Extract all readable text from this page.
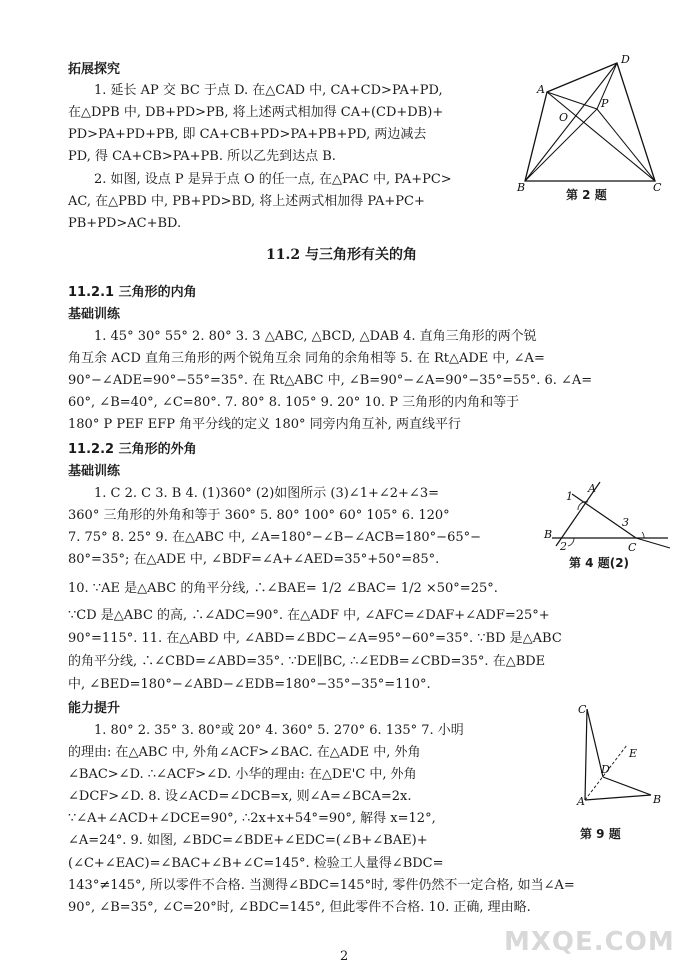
拓展探究
1. 延长 AP 交 BC 于点 D. 在△CAD 中, CA+CD>PA+PD,
在△DPB 中, DB+PD>PB, 将上述两式相加得 CA+(CD+DB)+
PD>PA+PD+PB, 即 CA+CB+PD>PA+PB+PD, 两边减去
PD, 得 CA+CB>PA+PB. 所以乙先到达点 B.
2. 如图, 设点 P 是异于点 O 的任一点, 在△PAC 中, PA+PC>
AC, 在△PBD 中, PB+PD>BD, 将上述两式相加得 PA+PC+
PB+PD>AC+BD.
A
D
P
O
B	C
第 2 题
11.2 与三角形有关的角
11.2.1 三角形的内角
基础训练
1. 45° 30° 55° 2. 80° 3. 3 △ABC, △BCD, △DAB 4. 直角三角形的两个锐
角互余 ACD 直角三角形的两个锐角互余 同角的余角相等 5. 在 Rt△ADE 中, ∠A=
90°−∠ADE=90°−55°=35°. 在 Rt△ABC 中, ∠B=90°−∠A=90°−35°=55°. 6. ∠A=
60°, ∠B=40°, ∠C=80°. 7. 80° 8. 105° 9. 20° 10. P 三角形的内角和等于
180° P PEF EFP 角平分线的定义 180° 同旁内角互补, 两直线平行
11.2.2 三角形的外角
基础训练
1. C 2. C 3. B 4. (1)360° (2)如图所示 (3)∠1+∠2+∠3=
360° 三角形的外角和等于 360° 5. 80° 100° 60° 105° 6. 120°
7. 75° 8. 25° 9. 在△ABC 中, ∠A=180°−∠B−∠ACB=180°−65°−
80°=35°; 在△ADE 中, ∠BDF=∠A+∠AED=35°+50°=85°.
10. ∵AE 是△ABC 的角平分线, ∴∠BAE= 1/2 ∠BAC= 1/2 ×50°=25°.
∵CD 是△ABC 的高, ∴∠ADC=90°. 在△ADF 中, ∠AFC=∠DAF+∠ADF=25°+
90°=115°. 11. 在△ABD 中, ∠ABD=∠BDC−∠A=95°−60°=35°. ∵BD 是△ABC
的角平分线, ∴∠CBD=∠ABD=35°. ∵DE∥BC, ∴∠EDB=∠CBD=35°. 在△BDE
中, ∠BED=180°−∠ABD−∠EDB=180°−35°−35°=110°.
A
B
C
1
2
3
第 4 题(2)
能力提升
1. 80° 2. 35° 3. 80°或 20° 4. 360° 5. 270° 6. 135° 7. 小明
的理由: 在△ABC 中, 外角∠ACF>∠BAC. 在△ADE 中, 外角
∠BAC>∠D. ∴∠ACF>∠D. 小华的理由: 在△DE'C 中, 外角
∠DCF>∠D. 8. 设∠ACD=∠DCB=x, 则∠A=∠BCA=2x.
∵∠A+∠ACD+∠DCE=90°, ∴2x+x+54°=90°, 解得 x=12°,
∠A=24°. 9. 如图, ∠BDC=∠BDE+∠EDC=(∠B+∠BAE)+
(∠C+∠EAC)=∠BAC+∠B+∠C=145°. 检验工人量得∠BDC=
143°≠145°, 所以零件不合格. 当测得∠BDC=145°时, 零件仍然不一定合格, 如当∠A=
90°, ∠B=35°, ∠C=20°时, ∠BDC=145°, 但此零件不合格. 10. 正确, 理由略.
C
A	B
D
E
第 9 题
MXQE.COM
2
